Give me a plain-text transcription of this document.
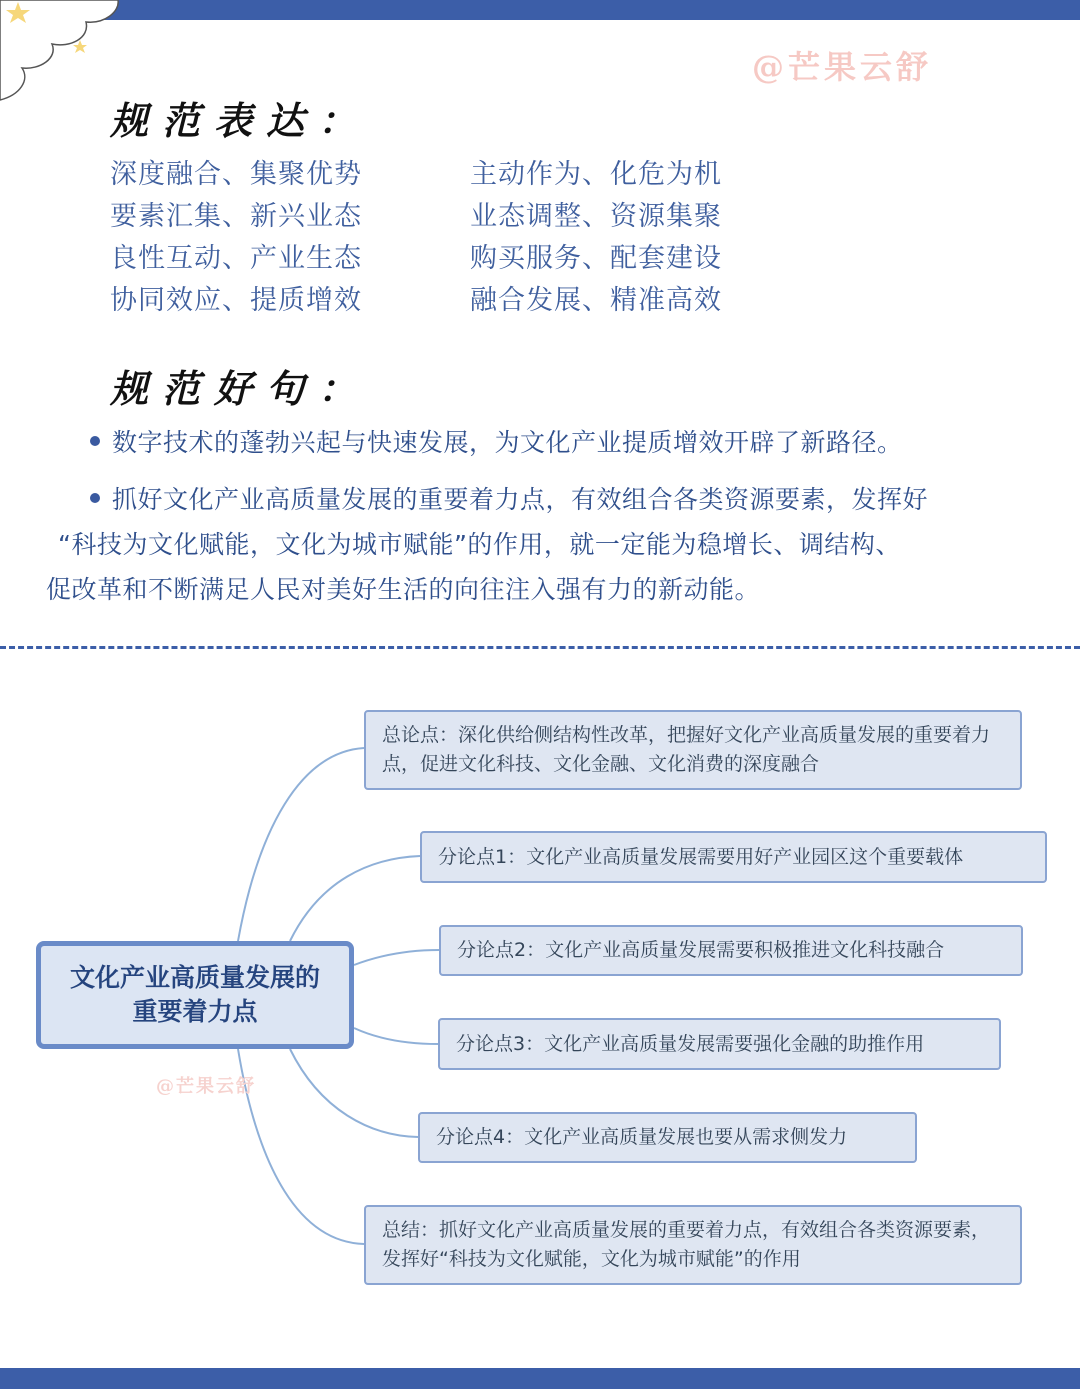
@芒果云舒
规范表达：
深度融合、集聚优势
要素汇集、新兴业态
良性互动、产业生态
协同效应、提质增效
主动作为、化危为机
业态调整、资源集聚
购买服务、配套建设
融合发展、精准高效
规范好句：
数字技术的蓬勃兴起与快速发展，为文化产业提质增效开辟了新路径。
抓好文化产业高质量发展的重要着力点，有效组合各类资源要素，发挥好
“科技为文化赋能，文化为城市赋能”的作用，就一定能为稳增长、调结构、
促改革和不断满足人民对美好生活的向往注入强有力的新动能。
文化产业高质量发展的
重要着力点
@芒果云舒
总论点：深化供给侧结构性改革，把握好文化产业高质量发展的重要着力点，促进文化科技、文化金融、文化消费的深度融合
分论点1：文化产业高质量发展需要用好产业园区这个重要载体
分论点2：文化产业高质量发展需要积极推进文化科技融合
分论点3：文化产业高质量发展需要强化金融的助推作用
分论点4：文化产业高质量发展也要从需求侧发力
总结：抓好文化产业高质量发展的重要着力点，有效组合各类资源要素，发挥好“科技为文化赋能，文化为城市赋能”的作用
